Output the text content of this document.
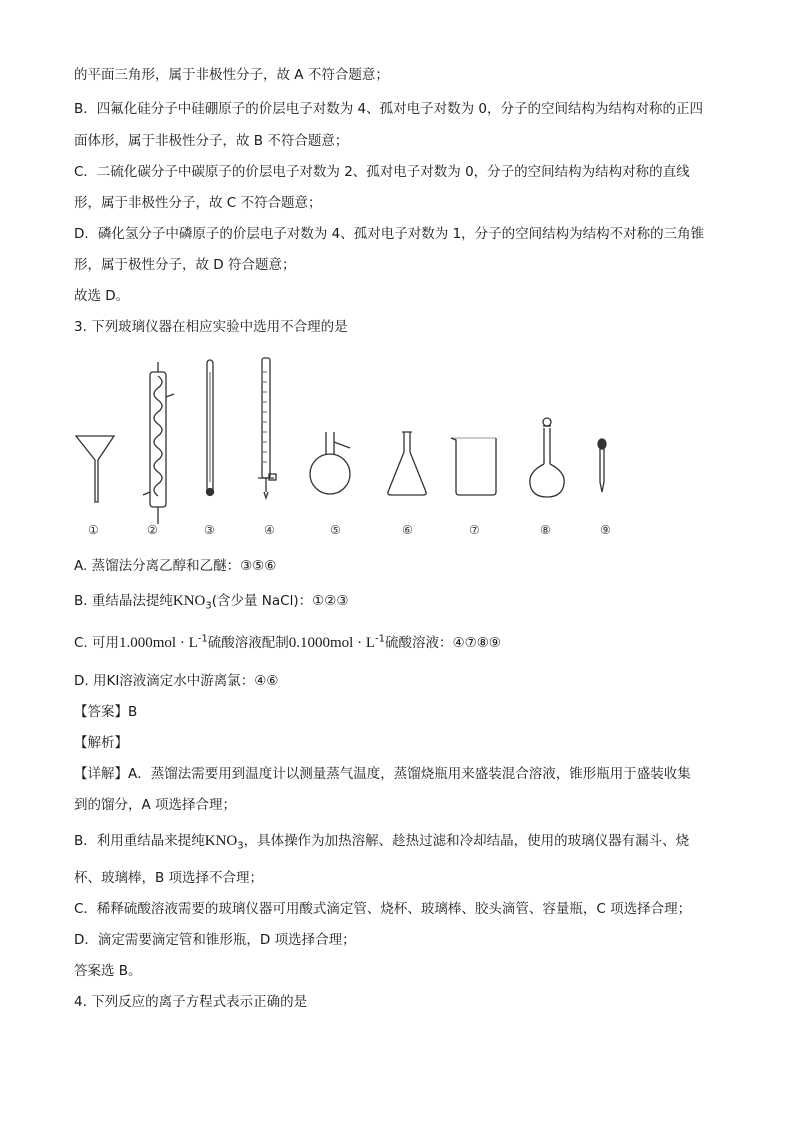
的平面三角形，属于非极性分子，故 A 不符合题意；
B．四氟化硅分子中硅硼原子的价层电子对数为 4、孤对电子对数为 0，分子的空间结构为结构对称的正四
面体形，属于非极性分子，故 B 不符合题意；
C．二硫化碳分子中碳原子的价层电子对数为 2、孤对电子对数为 0，分子的空间结构为结构对称的直线
形，属于非极性分子，故 C 不符合题意；
D．磷化氢分子中磷原子的价层电子对数为 4、孤对电子对数为 1，分子的空间结构为结构不对称的三角锥
形，属于极性分子，故 D 符合题意；
故选 D。
3. 下列玻璃仪器在相应实验中选用不合理的是
①	②	③	④	⑤	⑥	⑦	⑧	⑨
A. 蒸馏法分离乙醇和乙醚：③⑤⑥
B. 重结晶法提纯$KNO_3$(含少量 NaCl)：①②③
C. 可用$1.000mol \cdot L^{-1}$硫酸溶液配制$0.1000mol \cdot L^{-1}$硫酸溶液：④⑦⑧⑨
D. 用KI溶液滴定水中游离氯：④⑥
【答案】B
【解析】
【详解】A．蒸馏法需要用到温度计以测量蒸气温度，蒸馏烧瓶用来盛装混合溶液，锥形瓶用于盛装收集
到的馏分，A 项选择合理；
B．利用重结晶来提纯$KNO_3$，具体操作为加热溶解、趁热过滤和冷却结晶，使用的玻璃仪器有漏斗、烧
杯、玻璃棒，B 项选择不合理；
C．稀释硫酸溶液需要的玻璃仪器可用酸式滴定管、烧杯、玻璃棒、胶头滴管、容量瓶，C 项选择合理；
D．滴定需要滴定管和锥形瓶，D 项选择合理；
答案选 B。
4. 下列反应的离子方程式表示正确的是
